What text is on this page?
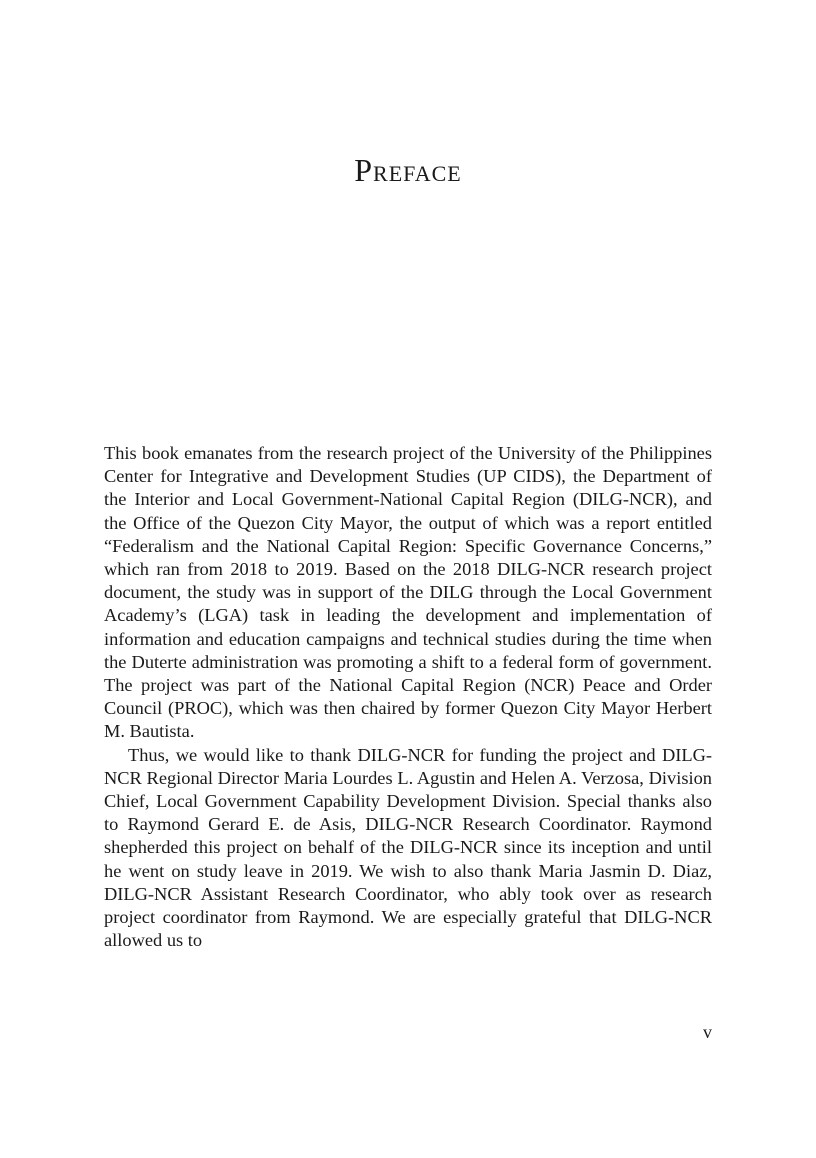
Preface

This book emanates from the research project of the University of the Philippines Center for Integrative and Development Studies (UP CIDS), the Department of the Interior and Local Government-National Capital Region (DILG-NCR), and the Office of the Quezon City Mayor, the output of which was a report entitled “Federalism and the National Capital Region: Specific Governance Concerns,” which ran from 2018 to 2019. Based on the 2018 DILG-NCR research project document, the study was in support of the DILG through the Local Government Academy’s (LGA) task in leading the development and implementation of information and education campaigns and technical studies during the time when the Duterte administration was promoting a shift to a federal form of government. The project was part of the National Capital Region (NCR) Peace and Order Council (PROC), which was then chaired by former Quezon City Mayor Herbert M. Bautista.

Thus, we would like to thank DILG-NCR for funding the project and DILG-NCR Regional Director Maria Lourdes L. Agustin and Helen A. Verzosa, Division Chief, Local Government Capability Development Division. Special thanks also to Raymond Gerard E. de Asis, DILG-NCR Research Coordinator. Raymond shepherded this project on behalf of the DILG-NCR since its inception and until he went on study leave in 2019. We wish to also thank Maria Jasmin D. Diaz, DILG-NCR Assistant Research Coordinator, who ably took over as research project coordinator from Raymond. We are especially grateful that DILG-NCR allowed us to

v
